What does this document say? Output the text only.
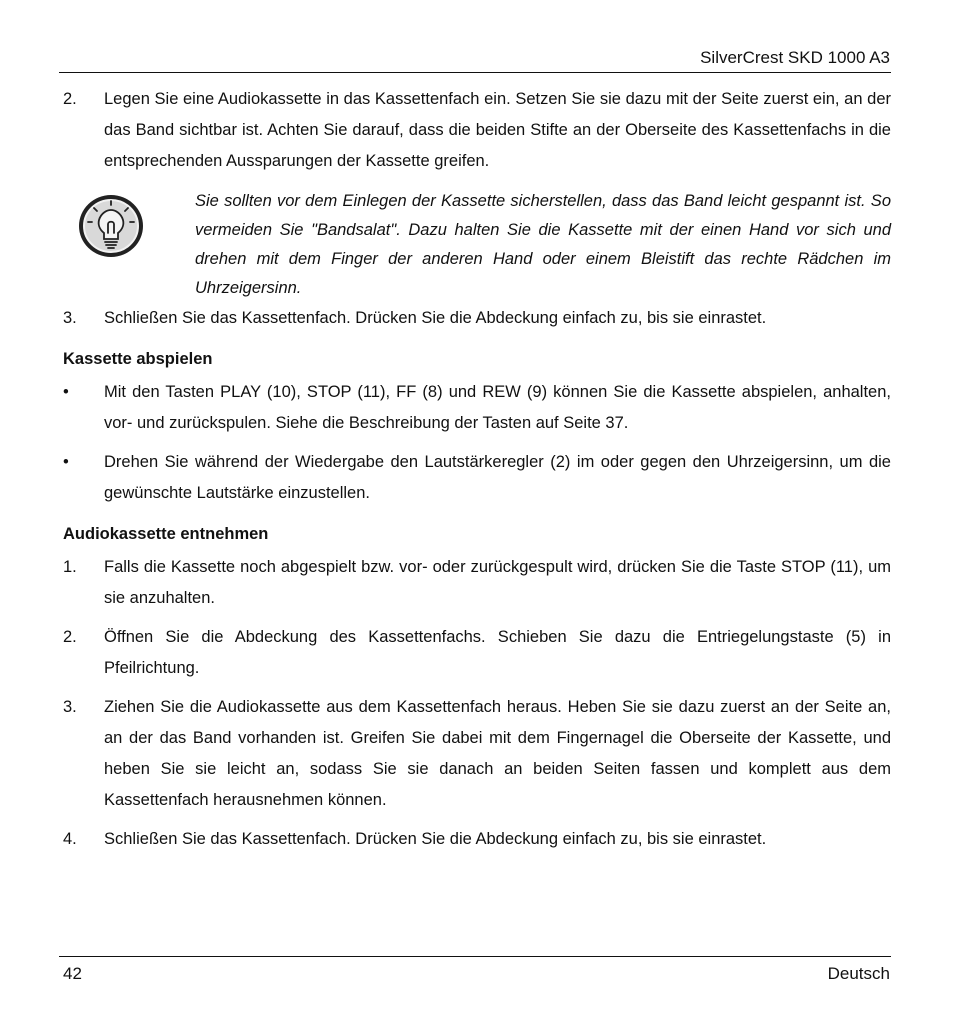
SilverCrest SKD 1000 A3
2.	Legen Sie eine Audiokassette in das Kassettenfach ein. Setzen Sie sie dazu mit der Seite zuerst ein, an der das Band sichtbar ist. Achten Sie darauf, dass die beiden Stifte an der Oberseite des Kassettenfachs in die entsprechenden Aussparungen der Kassette greifen.
Sie sollten vor dem Einlegen der Kassette sicherstellen, dass das Band leicht gespannt ist. So vermeiden Sie "Bandsalat". Dazu halten Sie die Kassette mit der einen Hand vor sich und drehen mit dem Finger der anderen Hand oder einem Bleistift das rechte Rädchen im Uhrzeigersinn.
3.	Schließen Sie das Kassettenfach. Drücken Sie die Abdeckung einfach zu, bis sie einrastet.
Kassette abspielen
•	Mit den Tasten PLAY (10), STOP (11), FF (8) und REW (9) können Sie die Kassette abspielen, anhalten, vor- und zurückspulen. Siehe die Beschreibung der Tasten auf Seite 37.
•	Drehen Sie während der Wiedergabe den Lautstärkeregler (2) im oder gegen den Uhrzeigersinn, um die gewünschte Lautstärke einzustellen.
Audiokassette entnehmen
1.	Falls die Kassette noch abgespielt bzw. vor- oder zurückgespult wird, drücken Sie die Taste STOP (11), um sie anzuhalten.
2.	Öffnen Sie die Abdeckung des Kassettenfachs. Schieben Sie dazu die Entriegelungstaste (5) in Pfeilrichtung.
3.	Ziehen Sie die Audiokassette aus dem Kassettenfach heraus. Heben Sie sie dazu zuerst an der Seite an, an der das Band vorhanden ist. Greifen Sie dabei mit dem Fingernagel die Oberseite der Kassette, und heben Sie sie leicht an, sodass Sie sie danach an beiden Seiten fassen und komplett aus dem Kassettenfach herausnehmen können.
4.	Schließen Sie das Kassettenfach. Drücken Sie die Abdeckung einfach zu, bis sie einrastet.
42	Deutsch
